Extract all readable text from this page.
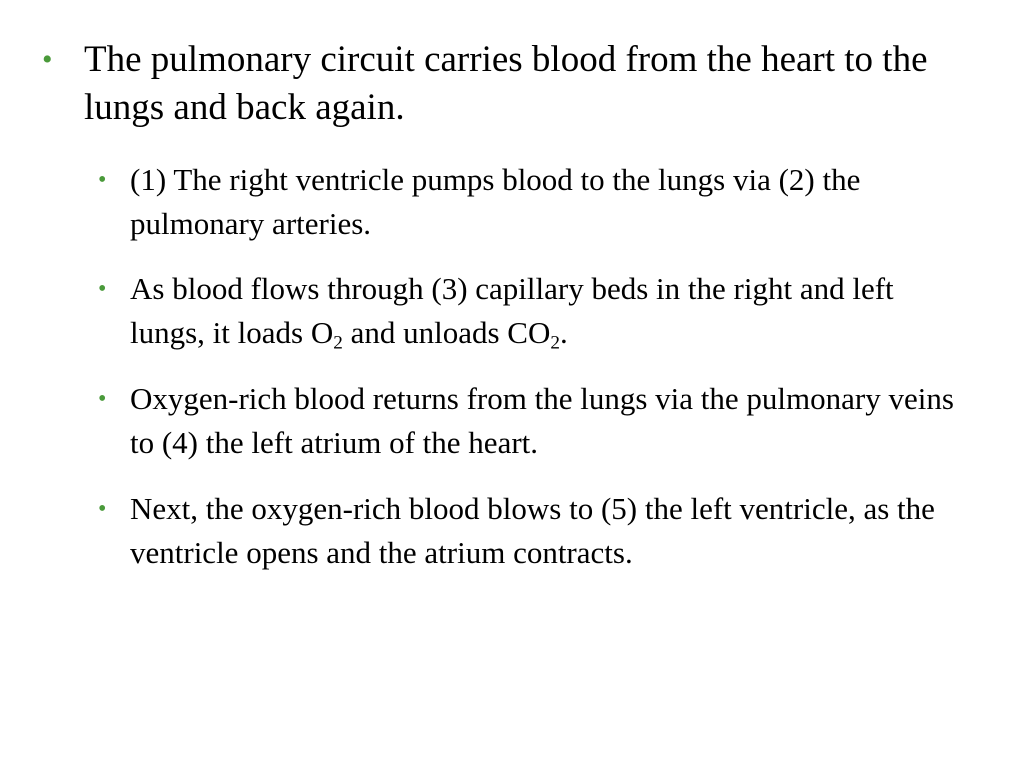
• The pulmonary circuit carries blood from the heart to the lungs and back again.
• (1) The right ventricle pumps blood to the lungs via (2) the pulmonary arteries.
• As blood flows through (3) capillary beds in the right and left lungs, it loads $O_2$ and unloads $CO_2$.
• Oxygen-rich blood returns from the lungs via the pulmonary veins to (4) the left atrium of the heart.
• Next, the oxygen-rich blood blows to (5) the left ventricle, as the ventricle opens and the atrium contracts.
